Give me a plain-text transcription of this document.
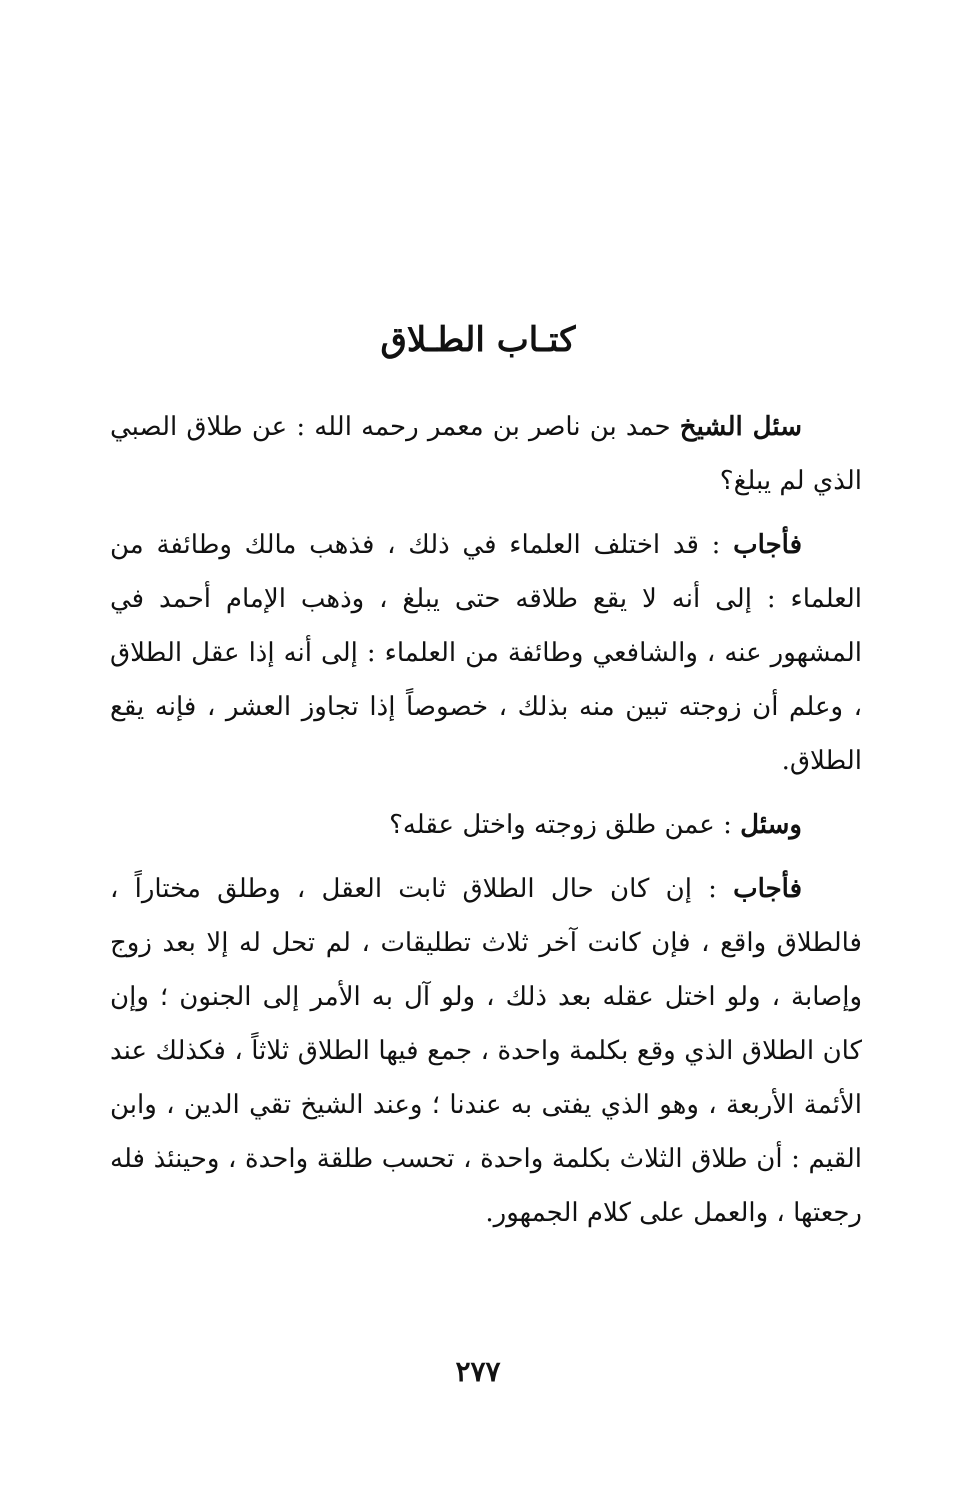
كتـاب الطـلاق

سئل الشيخ حمد بن ناصر بن معمر رحمه الله : عن طلاق الصبي الذي لم يبلغ؟

فأجاب : قد اختلف العلماء في ذلك ، فذهب مالك وطائفة من العلماء : إلى أنه لا يقع طلاقه حتى يبلغ ، وذهب الإمام أحمد في المشهور عنه ، والشافعي وطائفة من العلماء : إلى أنه إذا عقل الطلاق ، وعلم أن زوجته تبين منه بذلك ، خصوصاً إذا تجاوز العشر ، فإنه يقع الطلاق.

وسئل : عمن طلق زوجته واختل عقله؟

فأجاب : إن كان حال الطلاق ثابت العقل ، وطلق مختاراً ، فالطلاق واقع ، فإن كانت آخر ثلاث تطليقات ، لم تحل له إلا بعد زوج وإصابة ، ولو اختل عقله بعد ذلك ، ولو آل به الأمر إلى الجنون ؛ وإن كان الطلاق الذي وقع بكلمة واحدة ، جمع فيها الطلاق ثلاثاً ، فكذلك عند الأئمة الأربعة ، وهو الذي يفتى به عندنا ؛ وعند الشيخ تقي الدين ، وابن القيم : أن طلاق الثلاث بكلمة واحدة ، تحسب طلقة واحدة ، وحينئذ فله رجعتها ، والعمل على كلام الجمهور.

٢٧٧
